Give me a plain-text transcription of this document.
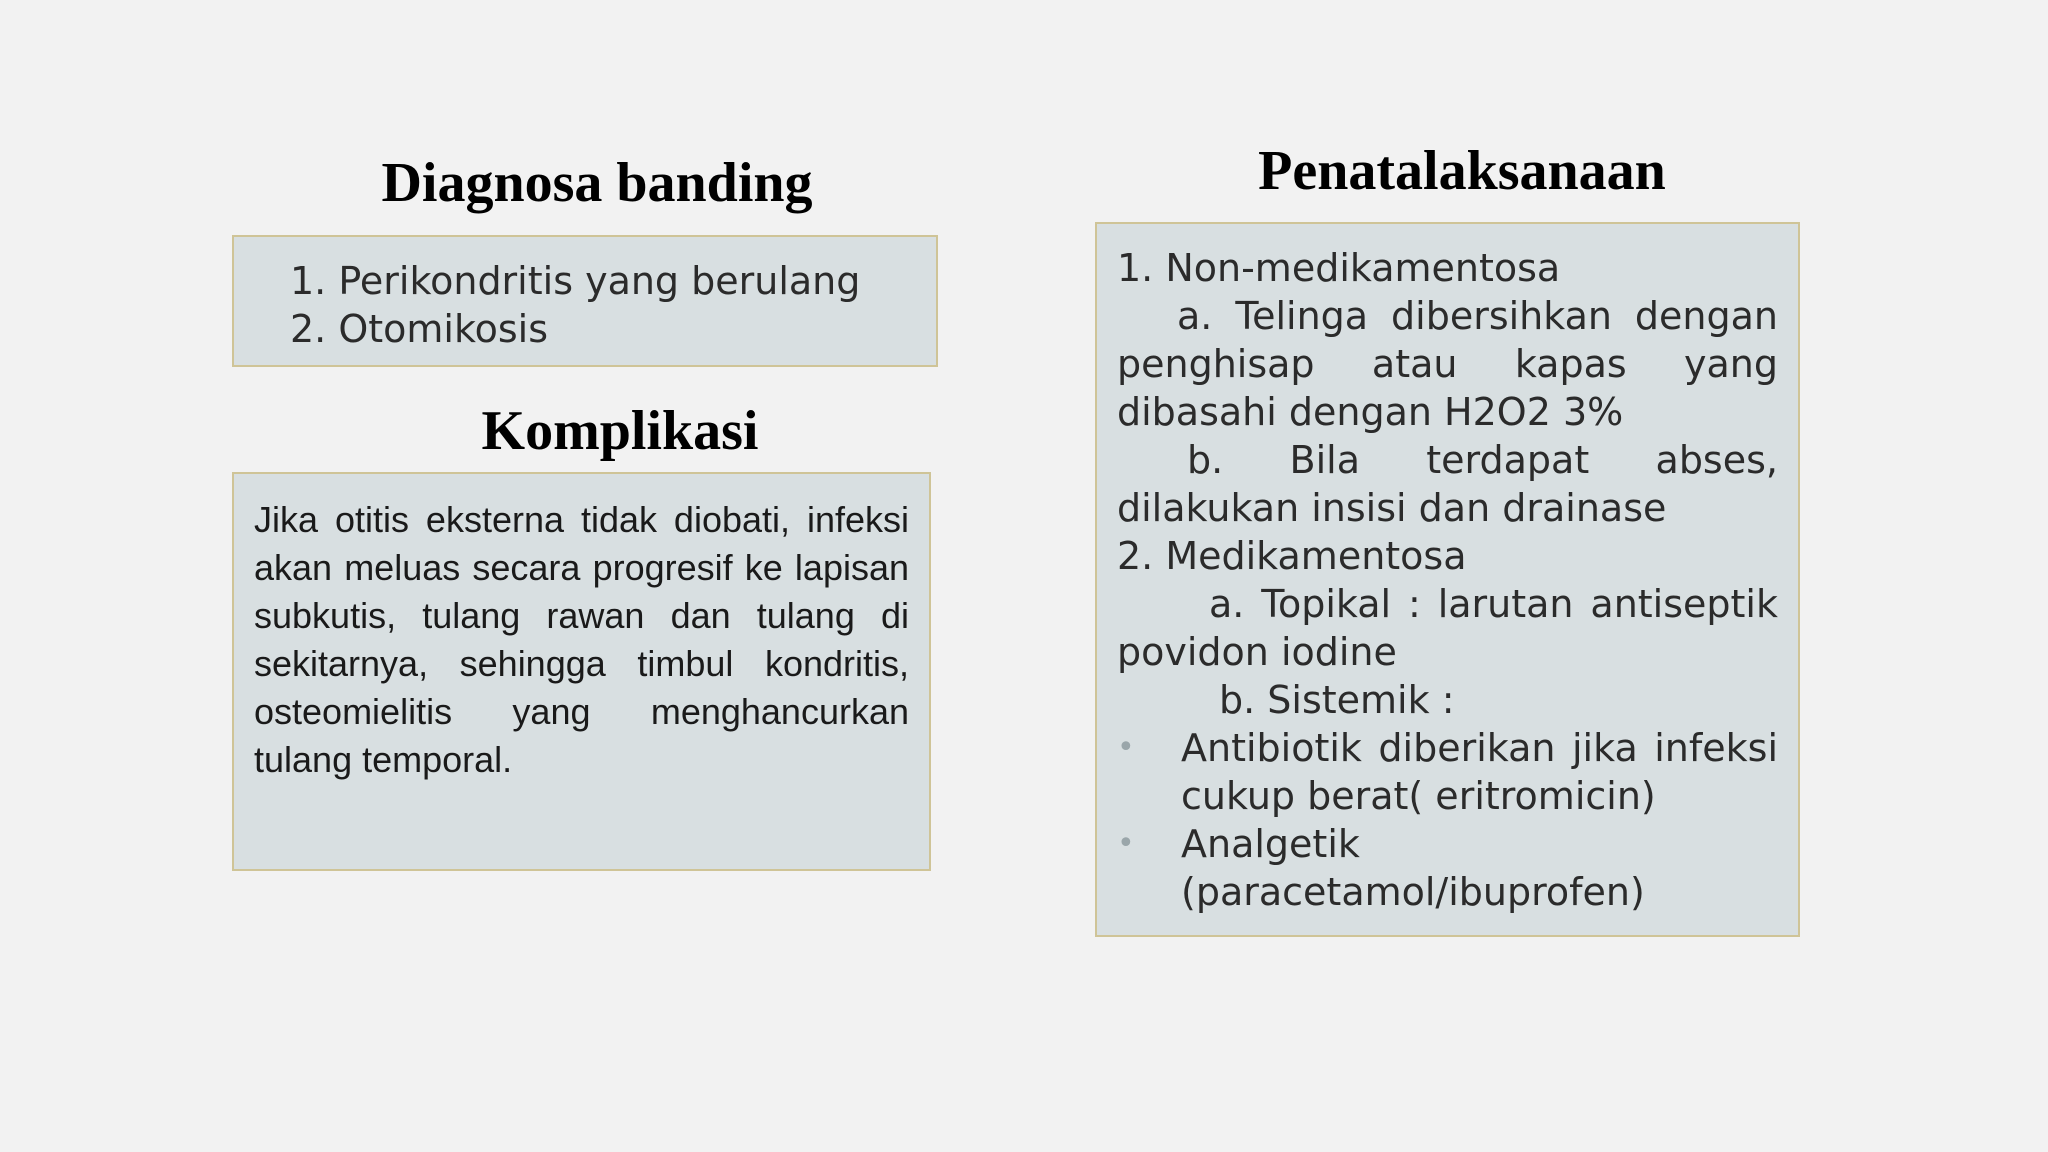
Diagnosa banding
1. Perikondritis yang berulang
2. Otomikosis
Komplikasi
Jika otitis eksterna tidak diobati, infeksi akan meluas secara progresif ke lapisan subkutis, tulang rawan dan tulang di sekitarnya, sehingga timbul kondritis, osteomielitis yang menghancurkan tulang temporal.
Penatalaksanaan
1. Non-medikamentosa
a. Telinga dibersihkan dengan penghisap atau kapas yang dibasahi dengan H2O2 3%
b. Bila terdapat abses, dilakukan insisi dan drainase
2. Medikamentosa
a. Topikal : larutan antiseptik povidon iodine
b. Sistemik :
•	Antibiotik diberikan jika infeksi cukup berat( eritromicin)
•	Analgetik (paracetamol/ibuprofen)
